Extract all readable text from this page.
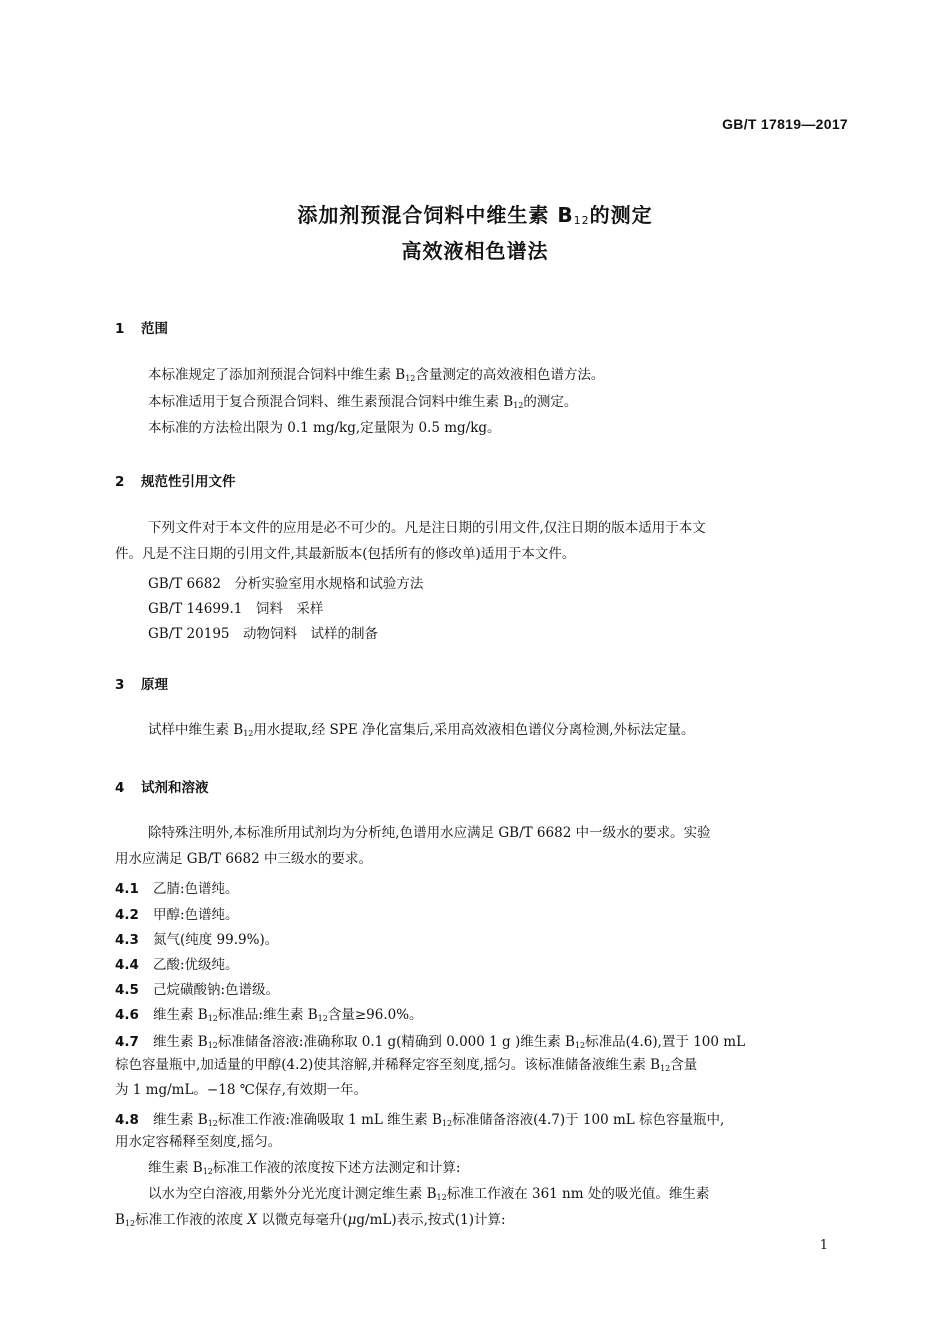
GB/T 17819—2017
添加剂预混合饲料中维生素 $B_{12}$的测定
高效液相色谱法
1 范围
本标准规定了添加剂预混合饲料中维生素 $B_{12}$含量测定的高效液相色谱方法。
本标准适用于复合预混合饲料、维生素预混合饲料中维生素 $B_{12}$的测定。
本标准的方法检出限为 0.1 mg/kg,定量限为 0.5 mg/kg。
2 规范性引用文件
下列文件对于本文件的应用是必不可少的。凡是注日期的引用文件,仅注日期的版本适用于本文
件。凡是不注日期的引用文件,其最新版本(包括所有的修改单)适用于本文件。
GB/T 6682　分析实验室用水规格和试验方法
GB/T 14699.1　饲料　采样
GB/T 20195　动物饲料　试样的制备
3 原理
试样中维生素 $B_{12}$用水提取,经 SPE 净化富集后,采用高效液相色谱仪分离检测,外标法定量。
4 试剂和溶液
除特殊注明外,本标准所用试剂均为分析纯,色谱用水应满足 GB/T 6682 中一级水的要求。实验
用水应满足 GB/T 6682 中三级水的要求。
4.1 乙腈:色谱纯。
4.2 甲醇:色谱纯。
4.3 氮气(纯度 99.9%)。
4.4 乙酸:优级纯。
4.5 己烷磺酸钠:色谱级。
4.6 维生素 $B_{12}$标准品:维生素 $B_{12}$含量≥96.0%。
4.7 维生素 $B_{12}$标准储备溶液:准确称取 0.1 g(精确到 0.000 1 g )维生素 $B_{12}$标准品(4.6),置于 100 mL
棕色容量瓶中,加适量的甲醇(4.2)使其溶解,并稀释定容至刻度,摇匀。该标准储备液维生素 $B_{12}$含量
为 1 mg/mL。−18 ℃保存,有效期一年。
4.8 维生素 $B_{12}$标准工作液:准确吸取 1 mL 维生素 $B_{12}$标准储备溶液(4.7)于 100 mL 棕色容量瓶中,
用水定容稀释至刻度,摇匀。
维生素 $B_{12}$标准工作液的浓度按下述方法测定和计算:
以水为空白溶液,用紫外分光光度计测定维生素 $B_{12}$标准工作液在 361 nm 处的吸光值。维生素
$B_{12}$标准工作液的浓度 X 以微克每毫升(μg/mL)表示,按式(1)计算:
1
